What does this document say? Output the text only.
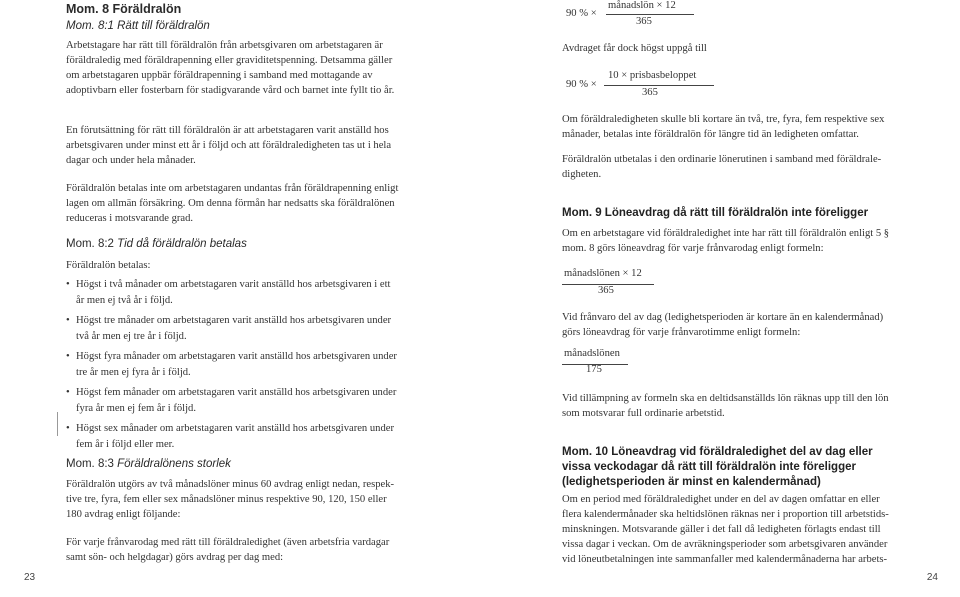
Mom. 8 Föräldralön
Mom. 8:1 Rätt till föräldralön

Arbetstagare har rätt till föräldralön från arbetsgivaren om arbetstagaren är föräldraledig med föräldrapenning eller graviditetspenning. Detsamma gäller om arbetstagaren uppbär föräldrapenning i samband med mottagande av adoptivbarn eller fosterbarn för stadigvarande vård och barnet inte fyllt tio år.

En förutsättning för rätt till föräldralön är att arbetstagaren varit anställd hos arbetsgivaren under minst ett år i följd och att föräldraledigheten tas ut i hela dagar och under hela månader.

Föräldralön betalas inte om arbetstagaren undantas från föräldrapenning enligt lagen om allmän försäkring. Om denna förmån har nedsatts ska föräldralönen reduceras i motsvarande grad.

Mom. 8:2 Tid då föräldralön betalas

Föräldralön betalas:

• Högst i två månader om arbetstagaren varit anställd hos arbetsgivaren i ett år men ej två år i följd.
• Högst tre månader om arbetstagaren varit anställd hos arbetsgivaren under två år men ej tre år i följd.
• Högst fyra månader om arbetstagaren varit anställd hos arbetsgivaren under tre år men ej fyra år i följd.
• Högst fem månader om arbetstagaren varit anställd hos arbetsgivaren under fyra år men ej fem år i följd.
• Högst sex månader om arbetstagaren varit anställd hos arbetsgivaren under fem år i följd eller mer.
Mom. 8:3 Föräldralönens storlek

Föräldralön utgörs av två månadslöner minus 60 avdrag enligt nedan, respektive tre, fyra, fem eller sex månadslöner minus respektive 90, 120, 150 eller 180 avdrag enligt följande:

För varje frånvarodag med rätt till föräldraledighet (även arbetsfria vardagar samt sön- och helgdagar) görs avdrag per dag med:

23
90 % ×
månadslön × 12
365

Avdraget får dock högst uppgå till

90 % ×
10 × prisbasbeloppet
365

Om föräldraledigheten skulle bli kortare än två, tre, fyra, fem respektive sex månader, betalas inte föräldralön för längre tid än ledigheten omfattar.

Föräldralön utbetalas i den ordinarie lönerutinen i samband med föräldraledigheten.

Mom. 9 Löneavdrag då rätt till föräldralön inte föreligger

Om en arbetstagare vid föräldraledighet inte har rätt till föräldralön enligt 5 § mom. 8 görs löneavdrag för varje frånvarodag enligt formeln:

månadslönen × 12
365

Vid frånvaro del av dag (ledighetsperioden är kortare än en kalendermånad) görs löneavdrag för varje frånvarotimme enligt formeln:

månadslönen
175

Vid tillämpning av formeln ska en deltidsanställds lön räknas upp till den lön som motsvarar full ordinarie arbetstid.

Mom. 10 Löneavdrag vid föräldraledighet del av dag eller vissa veckodagar då rätt till föräldralön inte föreligger (ledighetsperioden är minst en kalendermånad)

Om en period med föräldraledighet under en del av dagen omfattar en eller flera kalendermånader ska heltidslönen räknas ner i proportion till arbetstidsminskningen. Motsvarande gäller i det fall då ledigheten förlagts endast till vissa dagar i veckan. Om de avräkningsperioder som arbetsgivaren använder vid löneutbetalningen inte sammanfaller med kalendermånaderna har arbets-

24
